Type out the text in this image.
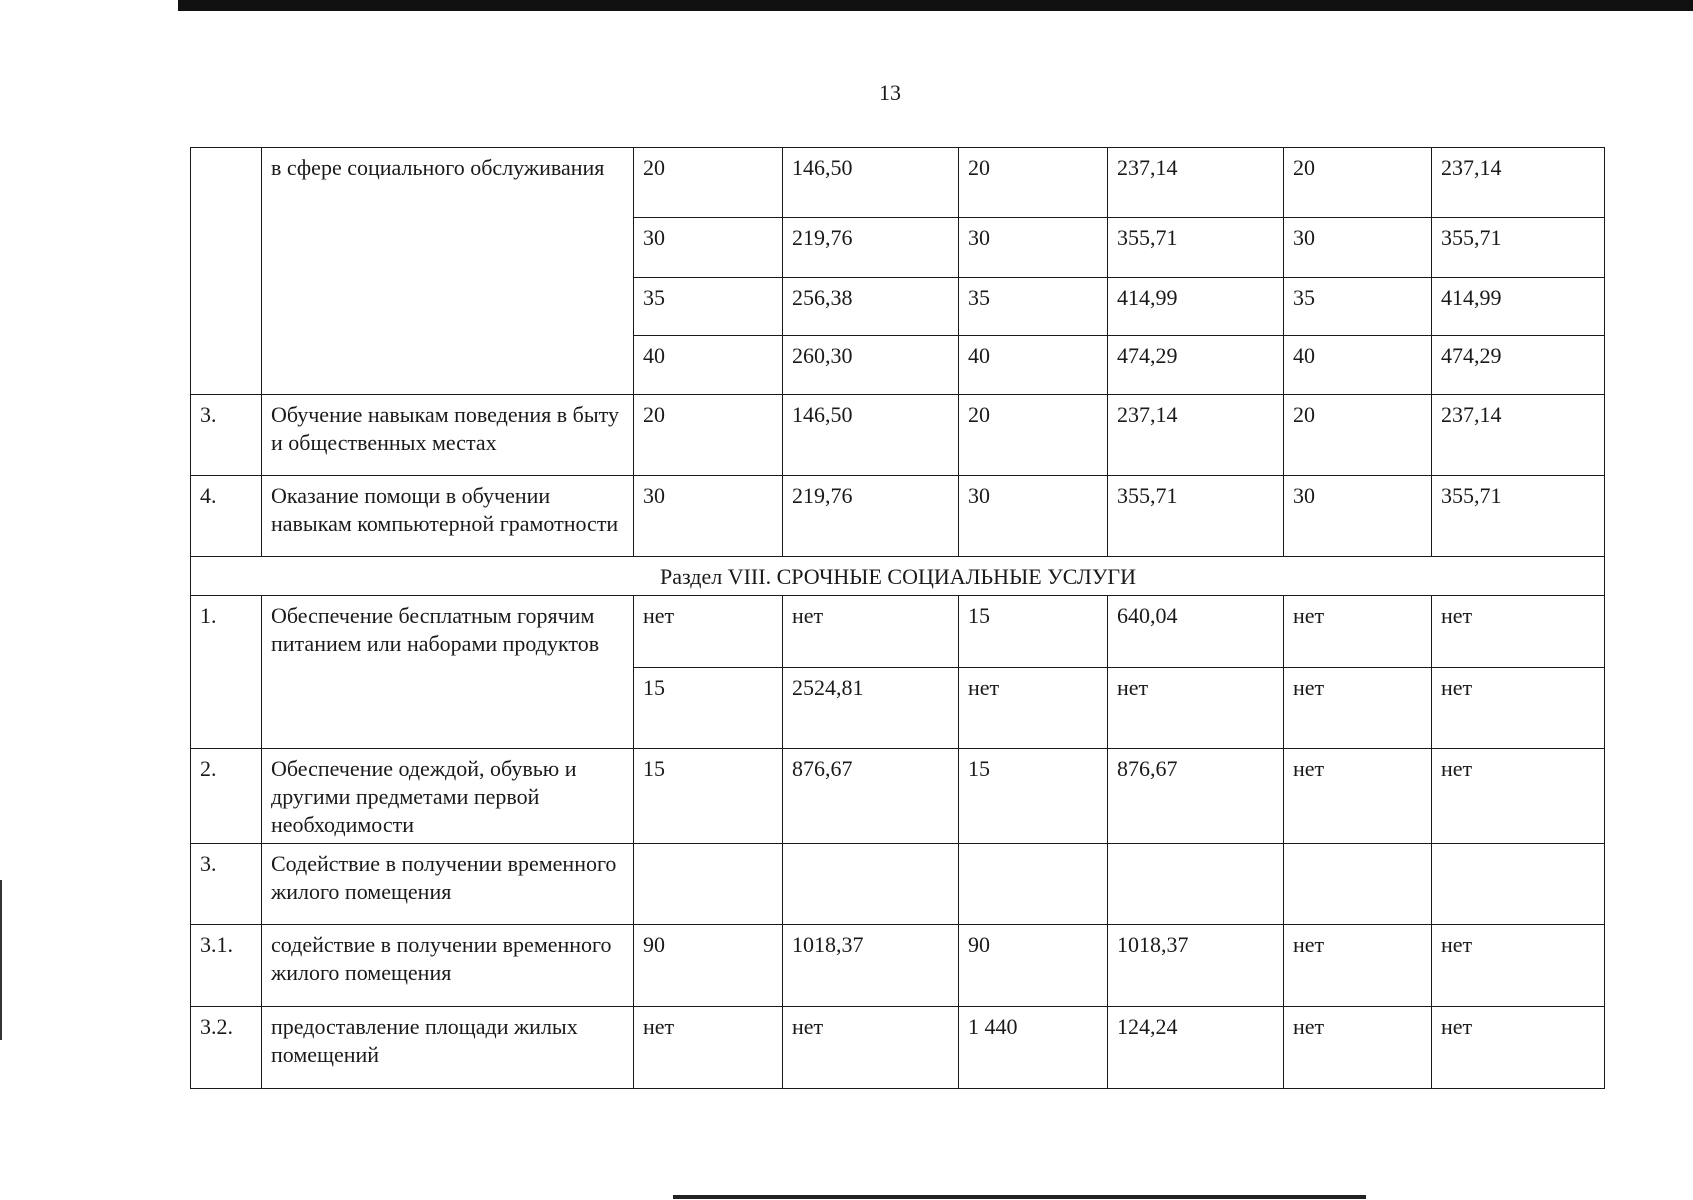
13
	в сфере социального обслуживания	20	146,50	20	237,14	20	237,14
		30	219,76	30	355,71	30	355,71
		35	256,38	35	414,99	35	414,99
		40	260,30	40	474,29	40	474,29
3.	Обучение навыкам поведения в быту и общественных местах	20	146,50	20	237,14	20	237,14
4.	Оказание помощи в обучении навыкам компьютерной грамотности	30	219,76	30	355,71	30	355,71
Раздел VIII. СРОЧНЫЕ СОЦИАЛЬНЫЕ УСЛУГИ							
1.	Обеспечение бесплатным горячим питанием или наборами продуктов	нет	нет	15	640,04	нет	нет
		15	2524,81	нет	нет	нет	нет
2.	Обеспечение одеждой, обувью и другими предметами первой необходимости	15	876,67	15	876,67	нет	нет
3.	Содействие в получении временного жилого помещения						
3.1.	содействие в получении временного жилого помещения	90	1018,37	90	1018,37	нет	нет
3.2.	предоставление площади жилых помещений	нет	нет	1 440	124,24	нет	нет
